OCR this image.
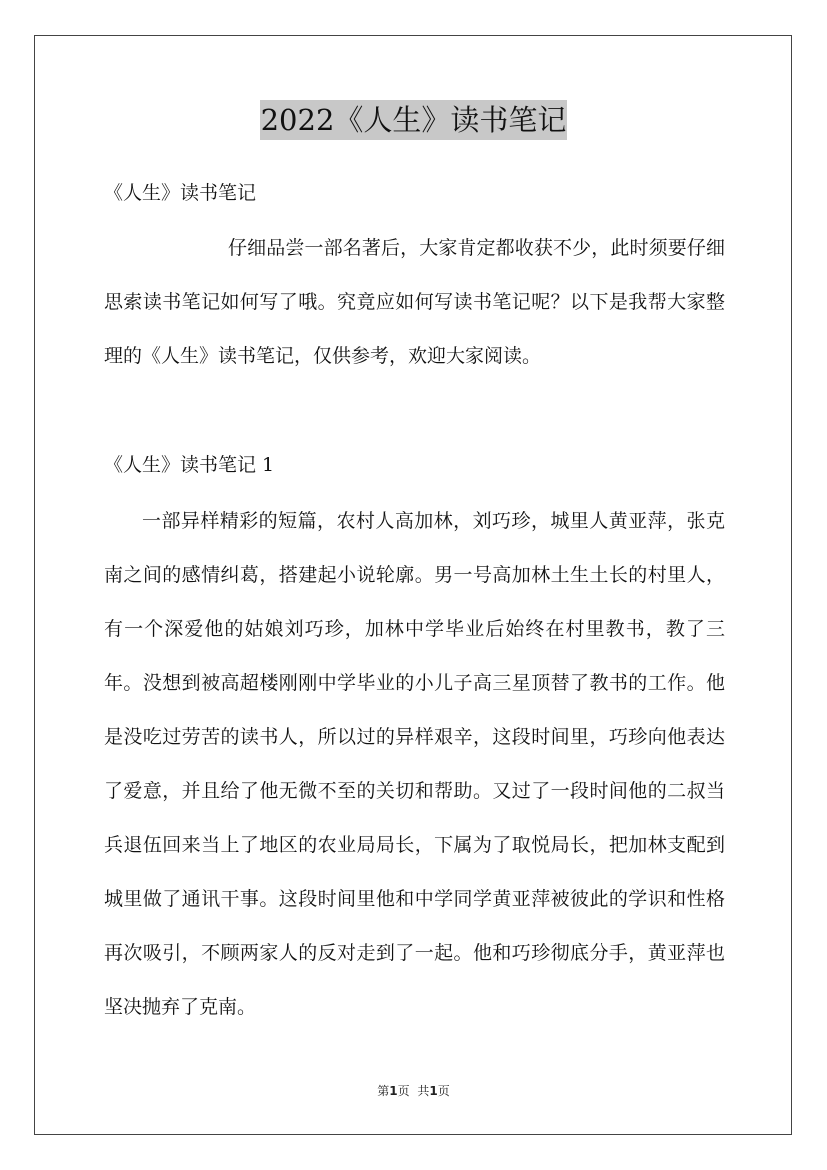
2022《人生》读书笔记
《人生》读书笔记
仔细品尝一部名著后，大家肯定都收获不少，此时须要仔细思索读书笔记如何写了哦。究竟应如何写读书笔记呢？以下是我帮大家整理的《人生》读书笔记，仅供参考，欢迎大家阅读。
《人生》读书笔记 1
一部异样精彩的短篇，农村人高加林，刘巧珍，城里人黄亚萍，张克南之间的感情纠葛，搭建起小说轮廓。男一号高加林土生土长的村里人，有一个深爱他的姑娘刘巧珍，加林中学毕业后始终在村里教书，教了三年。没想到被高超楼刚刚中学毕业的小儿子高三星顶替了教书的工作。他是没吃过劳苦的读书人，所以过的异样艰辛，这段时间里，巧珍向他表达了爱意，并且给了他无微不至的关切和帮助。又过了一段时间他的二叔当兵退伍回来当上了地区的农业局局长，下属为了取悦局长，把加林支配到城里做了通讯干事。这段时间里他和中学同学黄亚萍被彼此的学识和性格再次吸引，不顾两家人的反对走到了一起。他和巧珍彻底分手，黄亚萍也坚决抛弃了克南。
第1页 共1页
